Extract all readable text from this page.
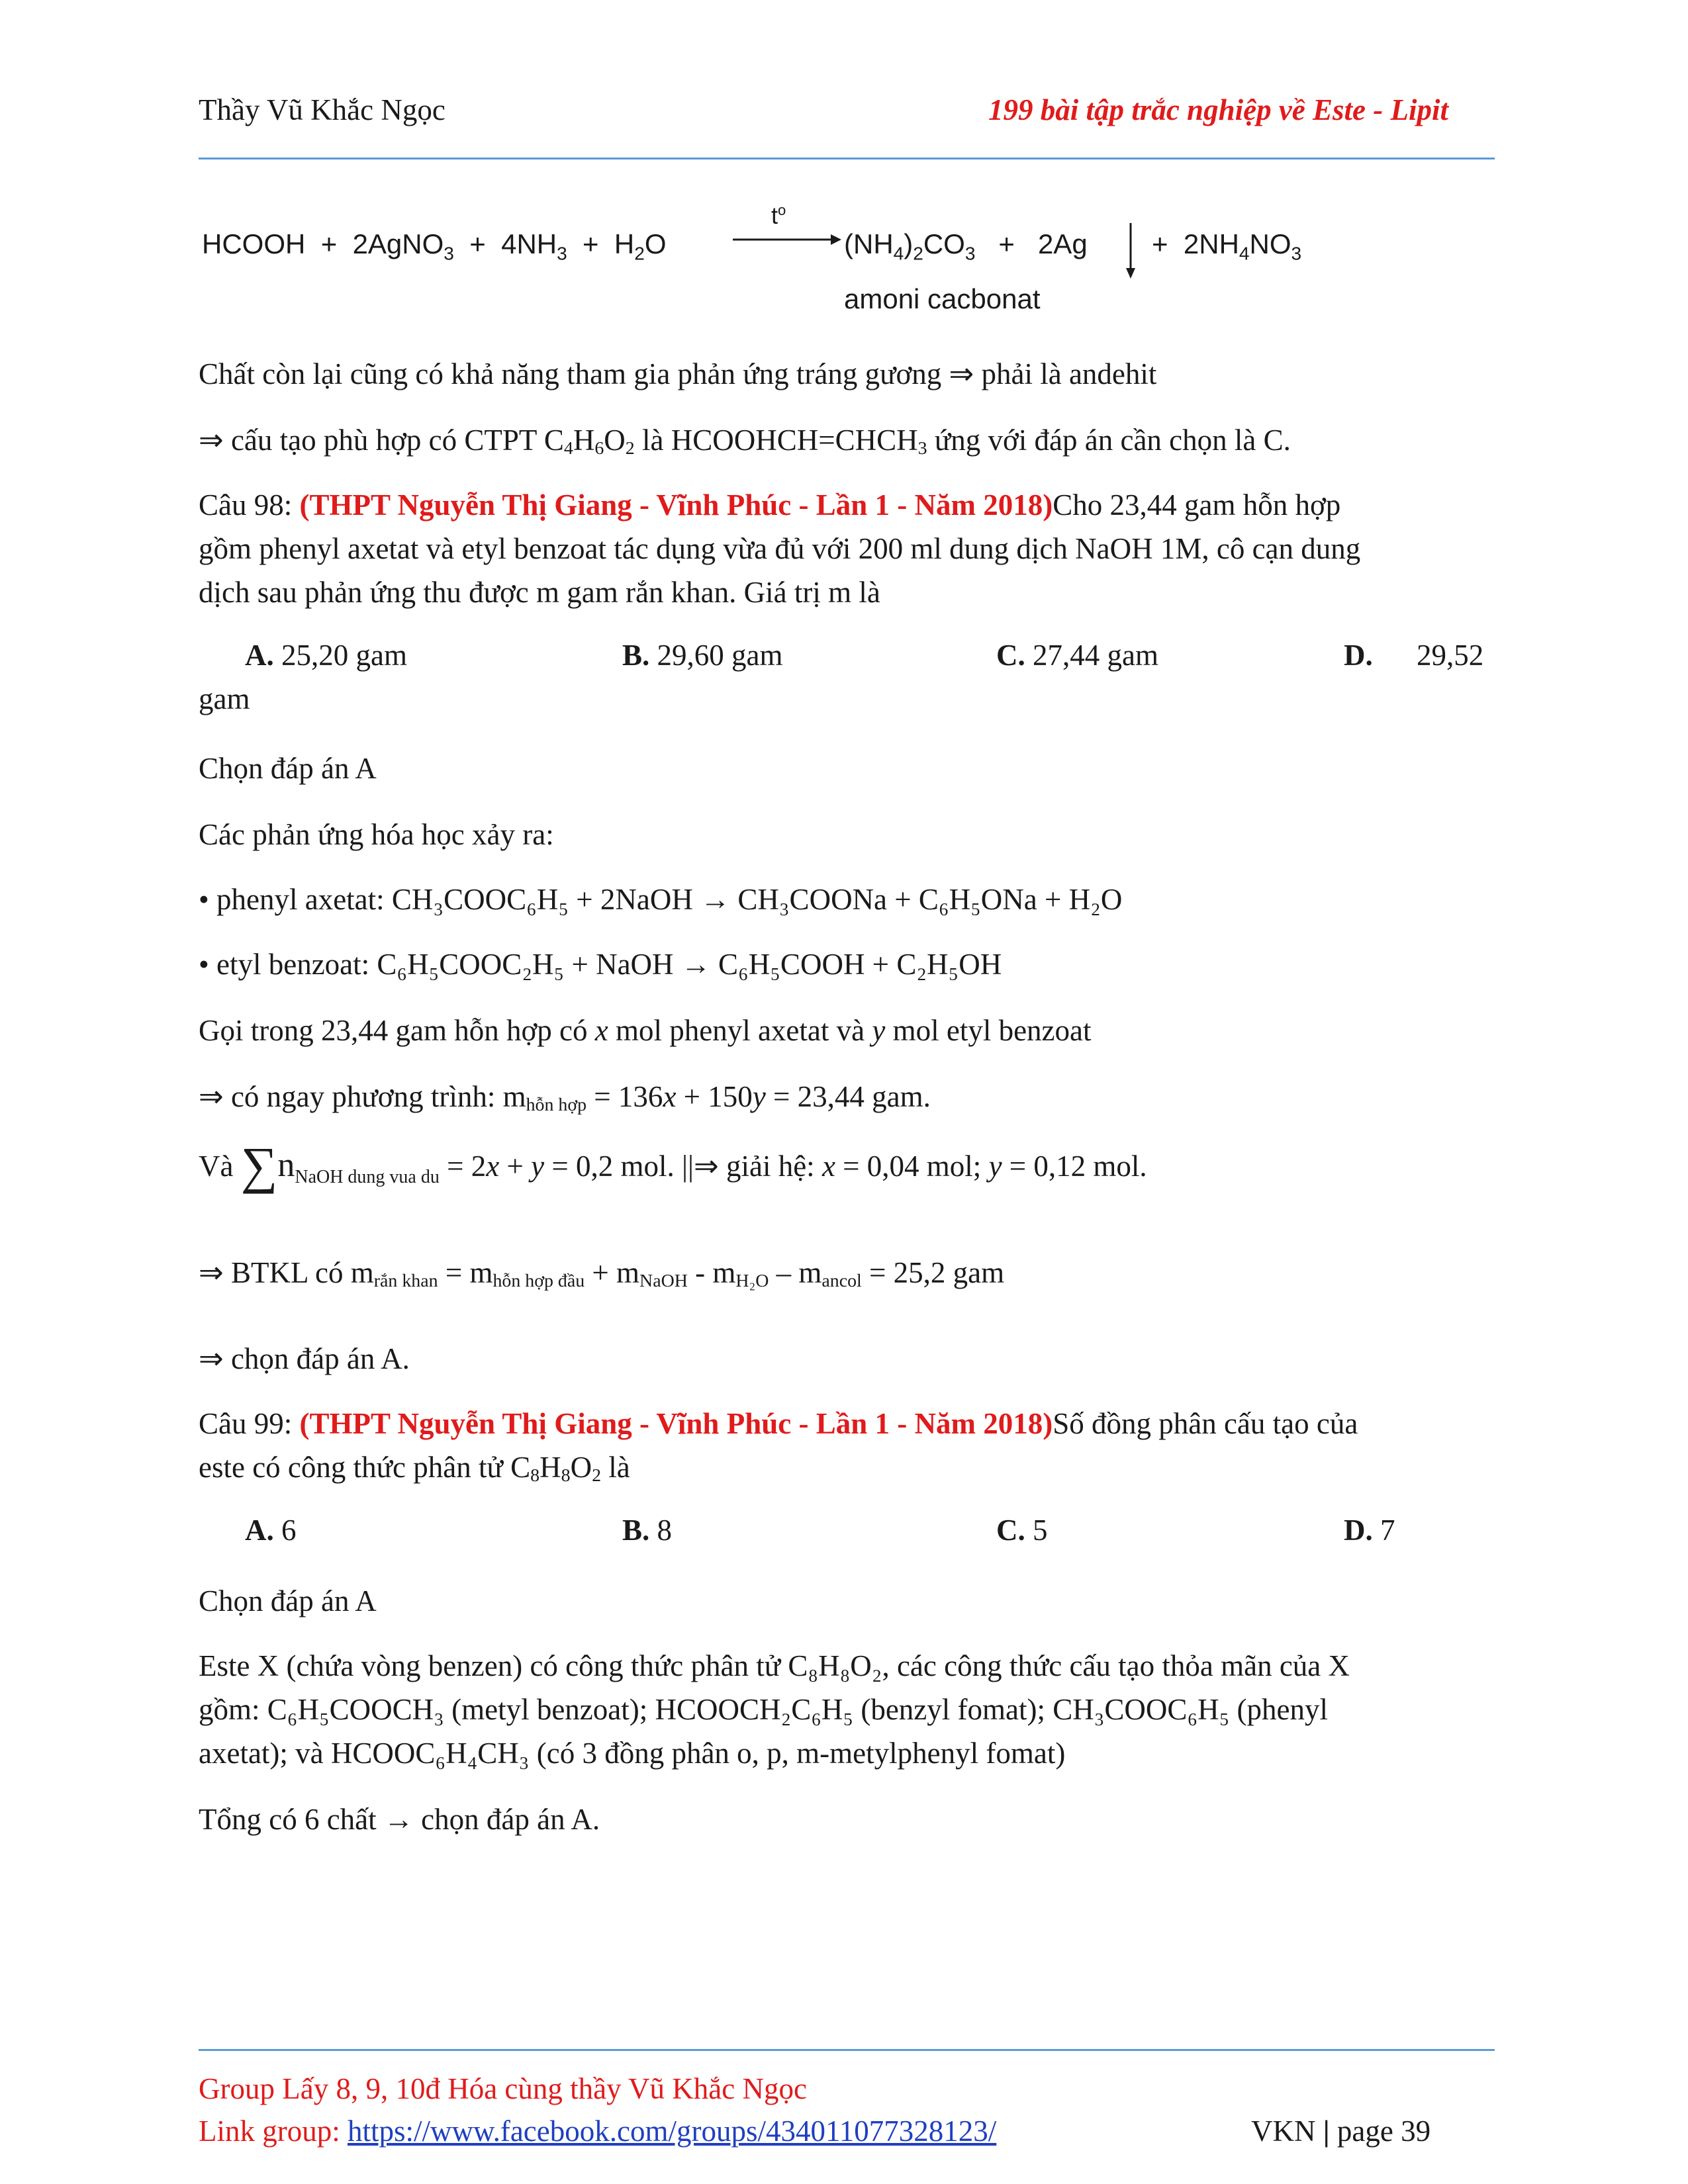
Thầy Vũ Khắc Ngọc	199 bài tập trắc nghiệp về Este - Lipit
HCOOH + 2AgNO$_3$ + $4NH_3 + H_2O$
$t^o$
$(NH_4)_2CO_3 + 2Ag + 2NH_4NO_3$
amoni cacbonat
Chất còn lại cũng có khả năng tham gia phản ứng tráng gương ⇒ phải là andehit
⇒ cấu tạo phù hợp có CTPT $C_4H_6O_2$ là $HCOOHCH=CHCH_3$ ứng với đáp án cần chọn là C.
Câu 98: (THPT Nguyễn Thị Giang - Vĩnh Phúc - Lần 1 - Năm 2018)Cho 23,44 gam hỗn hợp
gồm phenyl axetat và etyl benzoat tác dụng vừa đủ với 200 ml dung dịch NaOH 1M, cô cạn dung
dịch sau phản ứng thu được m gam rắn khan. Giá trị m là
A. 25,20 gam	B. 29,60 gam	C. 27,44 gam	D. 29,52
gam
Chọn đáp án A
Các phản ứng hóa học xảy ra:
• phenyl axetat: CH₃COOC₆H₅ + 2NaOH → CH₃COONa + C₆H₅ONa + H₂O
• etyl benzoat: C₆H₅COOC₂H₅ + NaOH → C₆H₅COOH + C₂H₅OH
Gọi trong 23,44 gam hỗn hợp có x mol phenyl axetat và y mol etyl benzoat
⇒ có ngay phương trình: $m_{hỗn hợp} = 136x + 150y = 23,44$ gam.
Và $\sum n_{NaOH dung vua du} = 2x + y = 0,2$ mol. ||⇒ giải hệ: x = 0,04 mol; y = 0,12 mol.
⇒ BTKL có $m_{rắn khan} = m_{hỗn hợp đầu} + m_{NaOH} - m_{H_2O} - m_{ancol} = 25,2$ gam
⇒ chọn đáp án A.
Câu 99: (THPT Nguyễn Thị Giang - Vĩnh Phúc - Lần 1 - Năm 2018)Số đồng phân cấu tạo của
este có công thức phân tử $C_8H_8O_2$ là
A. 6	B. 8	C. 5	D. 7
Chọn đáp án A
Este X (chứa vòng benzen) có công thức phân tử C₈H₈O₂, các công thức cấu tạo thỏa mãn của X
gồm: C₆H₅COOCH₃ (metyl benzoat); HCOOCH₂C₆H₅ (benzyl fomat); CH₃COOC₆H₅ (phenyl
axetat); và HCOOC₆H₄CH₃ (có 3 đồng phân o, p, m-metylphenyl fomat)
Tổng có 6 chất → chọn đáp án A.
Group Lấy 8, 9, 10đ Hóa cùng thầy Vũ Khắc Ngọc
Link group: https://www.facebook.com/groups/434011077328123/	VKN | page 39
